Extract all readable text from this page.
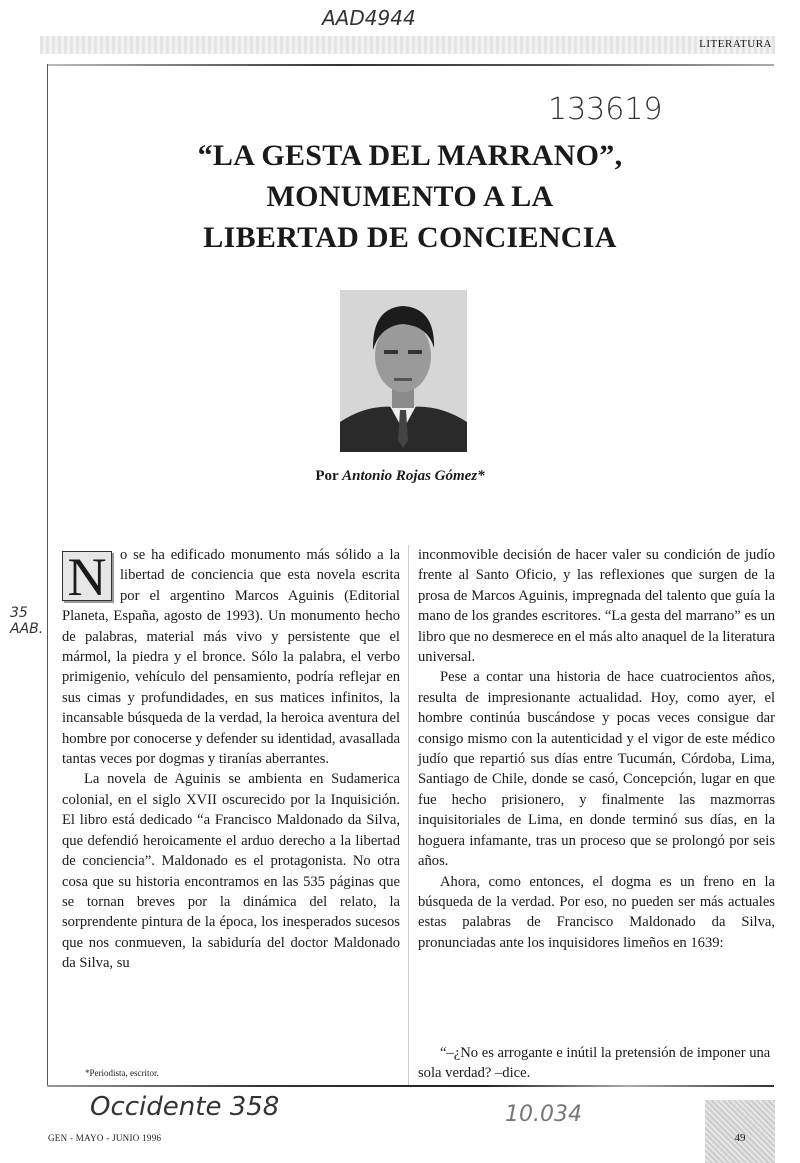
LITERATURA
AAD4944
133619
35 AAB.
“LA GESTA DEL MARRANO”,
MONUMENTO A LA
LIBERTAD DE CONCIENCIA
Por Antonio Rojas Gómez*

N o se ha edificado monumento más sólido a la libertad de conciencia que esta novela escrita por el argentino Marcos Aguinis (Editorial Planeta, España, agosto de 1993). Un monumento hecho de palabras, material más vivo y persistente que el mármol, la piedra y el bronce. Sólo la palabra, el verbo primigenio, vehículo del pensamiento, podría reflejar en sus cimas y profundidades, en sus matices infinitos, la incansable búsqueda de la verdad, la heroica aventura del hombre por conocerse y defender su identidad, avasallada tantas veces por dogmas y tiranías aberrantes.

La novela de Aguinis se ambienta en Sudamerica colonial, en el siglo XVII oscurecido por la Inquisición. El libro está dedicado “a Francisco Maldonado da Silva, que defendió heroicamente el arduo derecho a la libertad de conciencia”. Maldonado es el protagonista. No otra cosa que su historia encontramos en las 535 páginas que se tornan breves por la dinámica del relato, la sorprendente pintura de la época, los inesperados sucesos que nos conmueven, la sabiduría del doctor Maldonado da Silva, su

inconmovible decisión de hacer valer su condición de judío frente al Santo Oficio, y las reflexiones que surgen de la prosa de Marcos Aguinis, impregnada del talento que guía la mano de los grandes escritores. “La gesta del marrano” es un libro que no desmerece en el más alto anaquel de la literatura universal.

Pese a contar una historia de hace cuatrocientos años, resulta de impresionante actualidad. Hoy, como ayer, el hombre continúa buscándose y pocas veces consigue dar consigo mismo con la autenticidad y el vigor de este médico judío que repartió sus días entre Tucumán, Córdoba, Lima, Santiago de Chile, donde se casó, Concepción, lugar en que fue hecho prisionero, y finalmente las mazmorras inquisitoriales de Lima, en donde terminó sus días, en la hoguera infamante, tras un proceso que se prolongó por seis años.

Ahora, como entonces, el dogma es un freno en la búsqueda de la verdad. Por eso, no pueden ser más actuales estas palabras de Francisco Maldonado da Silva, pronunciadas ante los inquisidores limeños en 1639:

“–¿No es arrogante e inútil la pretensión de imponer una sola verdad? –dice.
*Periodista, escritor.
Occidente 358	10.034
GEN - MAYO - JUNIO 1996	49
